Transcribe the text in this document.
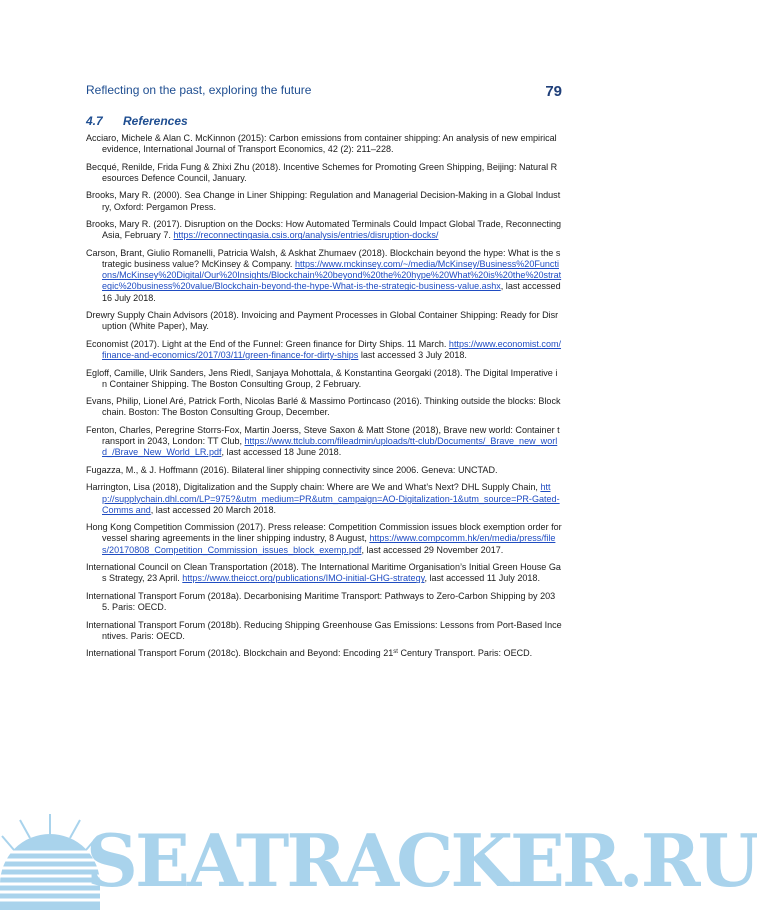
Reflecting on the past, exploring the future	79
4.7 References

Acciaro, Michele & Alan C. McKinnon (2015): Carbon emissions from container shipping: An analysis of new empirical evidence, International Journal of Transport Economics, 42 (2): 211–228.

Becqué, Renilde, Frida Fung & Zhixi Zhu (2018). Incentive Schemes for Promoting Green Shipping, Beijing: Natural Resources Defence Council, January.

Brooks, Mary R. (2000). Sea Change in Liner Shipping: Regulation and Managerial Decision-Making in a Global Industry, Oxford: Pergamon Press.

Brooks, Mary R. (2017). Disruption on the Docks: How Automated Terminals Could Impact Global Trade, Reconnecting Asia, February 7. https://reconnectingasia.csis.org/analysis/entries/disruption-docks/

Carson, Brant, Giulio Romanelli, Patricia Walsh, & Askhat Zhumaev (2018). Blockchain beyond the hype: What is the strategic business value? McKinsey & Company. https://www.mckinsey.com/~/media/McKinsey/Business%20Functions/McKinsey%20Digital/Our%20Insights/Blockchain%20beyond%20the%20hype%20What%20is%20the%20strategic%20business%20value/Blockchain-beyond-the-hype-What-is-the-strategic-business-value.ashx, last accessed 16 July 2018.

Drewry Supply Chain Advisors (2018). Invoicing and Payment Processes in Global Container Shipping: Ready for Disruption (White Paper), May.

Economist (2017). Light at the End of the Funnel: Green finance for Dirty Ships. 11 March. https://www.economist.com/finance-and-economics/2017/03/11/green-finance-for-dirty-ships last accessed 3 July 2018.

Egloff, Camille, Ulrik Sanders, Jens Riedl, Sanjaya Mohottala, & Konstantina Georgaki (2018). The Digital Imperative in Container Shipping. The Boston Consulting Group, 2 February.

Evans, Philip, Lionel Aré, Patrick Forth, Nicolas Barlé & Massimo Portincaso (2016). Thinking outside the blocks: Blockchain. Boston: The Boston Consulting Group, December.

Fenton, Charles, Peregrine Storrs-Fox, Martin Joerss, Steve Saxon & Matt Stone (2018), Brave new world: Container transport in 2043, London: TT Club, https://www.ttclub.com/fileadmin/uploads/tt-club/Documents/_Brave_new_world_/Brave_New_World_LR.pdf, last accessed 18 June 2018.

Fugazza, M., & J. Hoffmann (2016). Bilateral liner shipping connectivity since 2006. Geneva: UNCTAD.

Harrington, Lisa (2018), Digitalization and the Supply chain: Where are We and What’s Next? DHL Supply Chain, http://supplychain.dhl.com/LP=975?&utm_medium=PR&utm_campaign=AO-Digitalization-1&utm_source=PR-Gated-Comms and, last accessed 20 March 2018.

Hong Kong Competition Commission (2017). Press release: Competition Commission issues block exemption order for vessel sharing agreements in the liner shipping industry, 8 August, https://www.compcomm.hk/en/media/press/files/20170808_Competition_Commission_issues_block_exemp.pdf, last accessed 29 November 2017.

International Council on Clean Transportation (2018). The International Maritime Organisation’s Initial Green House Gas Strategy, 23 April. https://www.theicct.org/publications/IMO-initial-GHG-strategy, last accessed 11 July 2018.

International Transport Forum (2018a). Decarbonising Maritime Transport: Pathways to Zero-Carbon Shipping by 2035. Paris: OECD.

International Transport Forum (2018b). Reducing Shipping Greenhouse Gas Emissions: Lessons from Port-Based Incentives. Paris: OECD.

International Transport Forum (2018c). Blockchain and Beyond: Encoding 21st Century Transport. Paris: OECD.

SEATRACKER.RU
